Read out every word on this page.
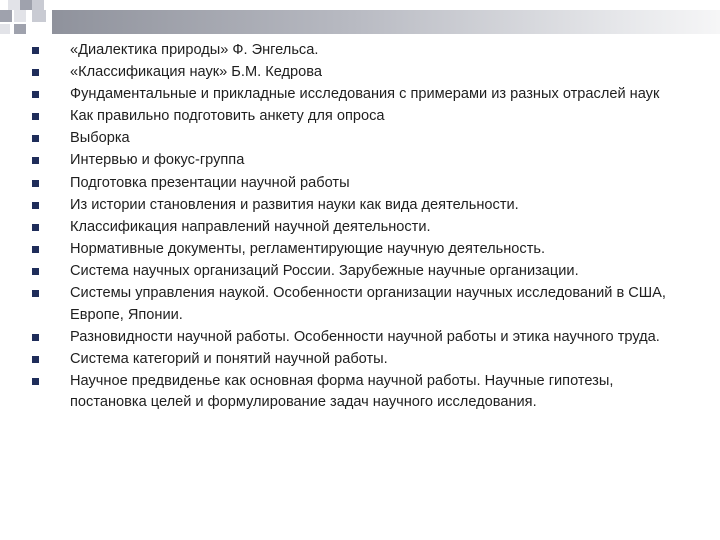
«Диалектика природы» Ф. Энгельса.
«Классификация наук» Б.М. Кедрова
Фундаментальные и прикладные исследования с примерами из разных отраслей наук
Как правильно подготовить анкету для опроса
Выборка
Интервью и фокус-группа
Подготовка презентации научной работы
Из истории становления и развития науки как вида деятельности.
Классификация направлений научной деятельности.
Нормативные документы, регламентирующие научную деятельность.
Система научных организаций России. Зарубежные научные организации.
Системы управления наукой. Особенности организации научных исследований в США, Европе, Японии.
Разновидности научной работы. Особенности научной работы и этика научного труда.
Система категорий и понятий научной работы.
Научное предвиденье как основная форма научной работы. Научные гипотезы, постановка целей и формулирование задач научного исследования.
